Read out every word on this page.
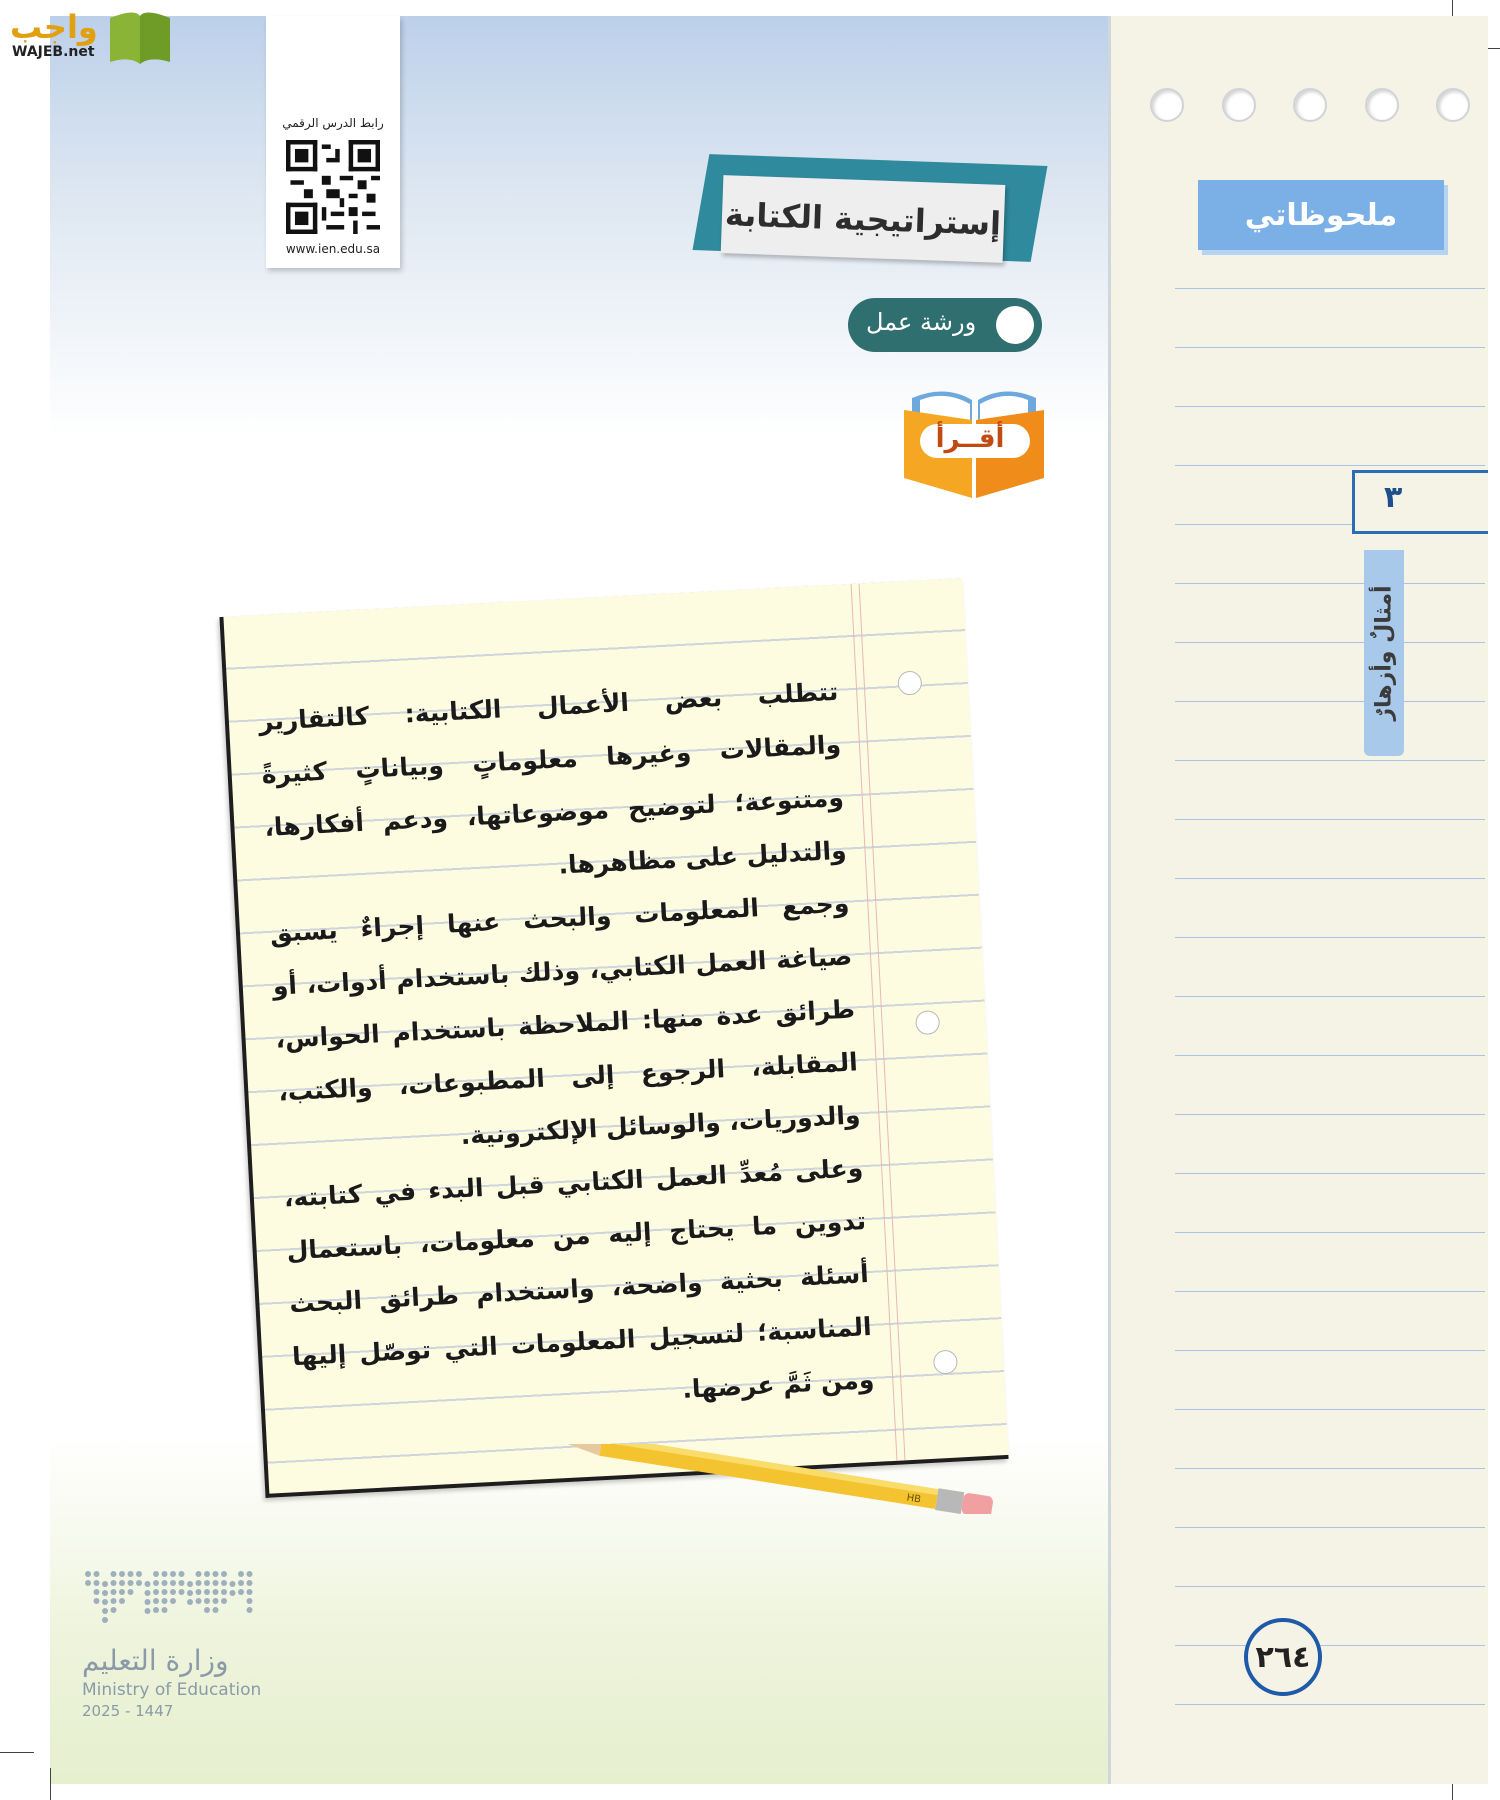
واجب
WAJEB.net
رابط الدرس الرقمي
www.ien.edu.sa
إستراتيجية الكتابة
ورشة عمل
أقــرأ

تتطلب بعض الأعمال الكتابية: كالتقارير والمقالات وغيرها معلوماتٍ وبياناتٍ كثيرةً ومتنوعة؛ لتوضيح موضوعاتها، ودعم أفكارها، والتدليل على مظاهرها.

وجمع المعلومات والبحث عنها إجراءٌ يسبق صياغة العمل الكتابي، وذلك باستخدام أدوات، أو طرائق عدة منها: الملاحظة باستخدام الحواس، المقابلة، الرجوع إلى المطبوعات، والكتب، والدوريات، والوسائل الإلكترونية.

وعلى مُعدِّ العمل الكتابي قبل البدء في كتابته، تدوين ما يحتاج إليه من معلومات، باستعمال أسئلة بحثية واضحة، واستخدام طرائق البحث المناسبة؛ لتسجيل المعلومات التي توصّل إليها ومن ثَمَّ عرضها.

HB
ملحوظاتي
٣
أمثالٌ وأزهارٌ
٢٦٤
وزارة التعليم
Ministry of Education
2025 - 1447
